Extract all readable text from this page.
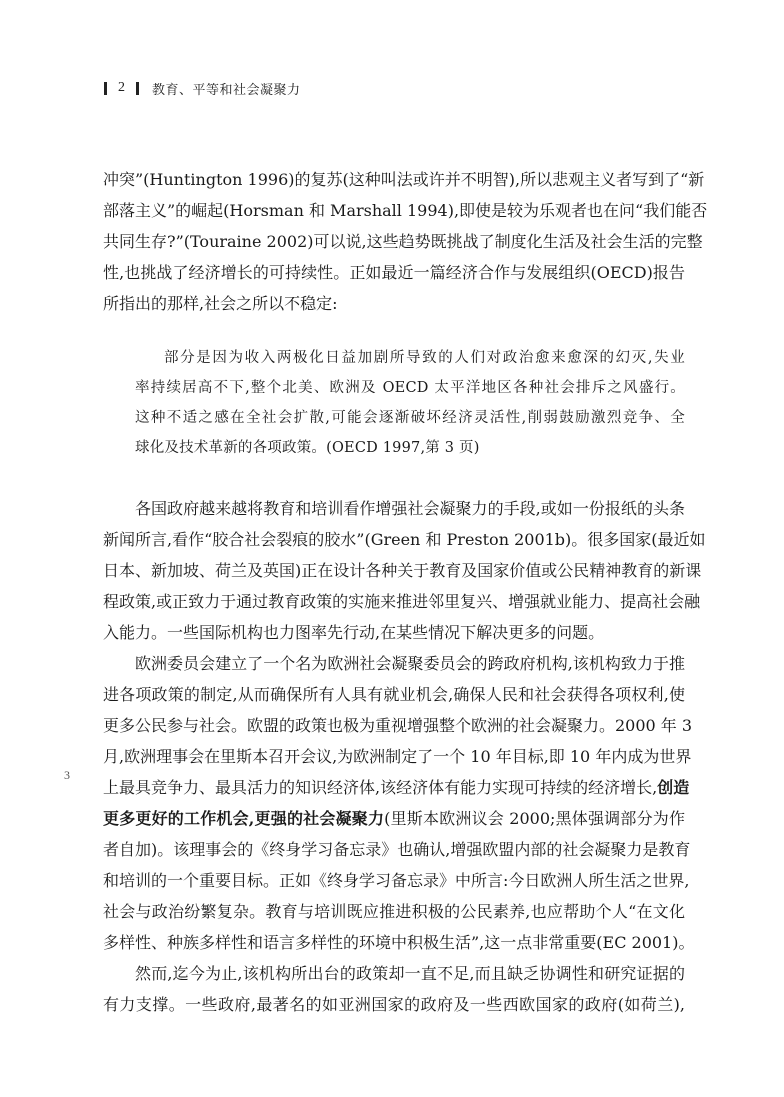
2 教育、平等和社会凝聚力
3
冲突”(Huntington 1996)的复苏(这种叫法或许并不明智),所以悲观主义者写到了“新
部落主义”的崛起(Horsman 和 Marshall 1994),即使是较为乐观者也在问“我们能否
共同生存?”(Touraine 2002)可以说,这些趋势既挑战了制度化生活及社会生活的完整
性,也挑战了经济增长的可持续性。正如最近一篇经济合作与发展组织(OECD)报告
所指出的那样,社会之所以不稳定:
部分是因为收入两极化日益加剧所导致的人们对政治愈来愈深的幻灭,失业
率持续居高不下,整个北美、欧洲及 OECD 太平洋地区各种社会排斥之风盛行。
这种不适之感在全社会扩散,可能会逐渐破坏经济灵活性,削弱鼓励激烈竞争、全
球化及技术革新的各项政策。(OECD 1997,第 3 页)
各国政府越来越将教育和培训看作增强社会凝聚力的手段,或如一份报纸的头条
新闻所言,看作“胶合社会裂痕的胶水”(Green 和 Preston 2001b)。很多国家(最近如
日本、新加坡、荷兰及英国)正在设计各种关于教育及国家价值或公民精神教育的新课
程政策,或正致力于通过教育政策的实施来推进邻里复兴、增强就业能力、提高社会融
入能力。一些国际机构也力图率先行动,在某些情况下解决更多的问题。
欧洲委员会建立了一个名为欧洲社会凝聚委员会的跨政府机构,该机构致力于推
进各项政策的制定,从而确保所有人具有就业机会,确保人民和社会获得各项权利,使
更多公民参与社会。欧盟的政策也极为重视增强整个欧洲的社会凝聚力。2000 年 3
月,欧洲理事会在里斯本召开会议,为欧洲制定了一个 10 年目标,即 10 年内成为世界
上最具竞争力、最具活力的知识经济体,该经济体有能力实现可持续的经济增长,创造
更多更好的工作机会,更强的社会凝聚力(里斯本欧洲议会 2000;黑体强调部分为作
者自加)。该理事会的《终身学习备忘录》也确认,增强欧盟内部的社会凝聚力是教育
和培训的一个重要目标。正如《终身学习备忘录》中所言:今日欧洲人所生活之世界,
社会与政治纷繁复杂。教育与培训既应推进积极的公民素养,也应帮助个人“在文化
多样性、种族多样性和语言多样性的环境中积极生活”,这一点非常重要(EC 2001)。
然而,迄今为止,该机构所出台的政策却一直不足,而且缺乏协调性和研究证据的
有力支撑。一些政府,最著名的如亚洲国家的政府及一些西欧国家的政府(如荷兰),
